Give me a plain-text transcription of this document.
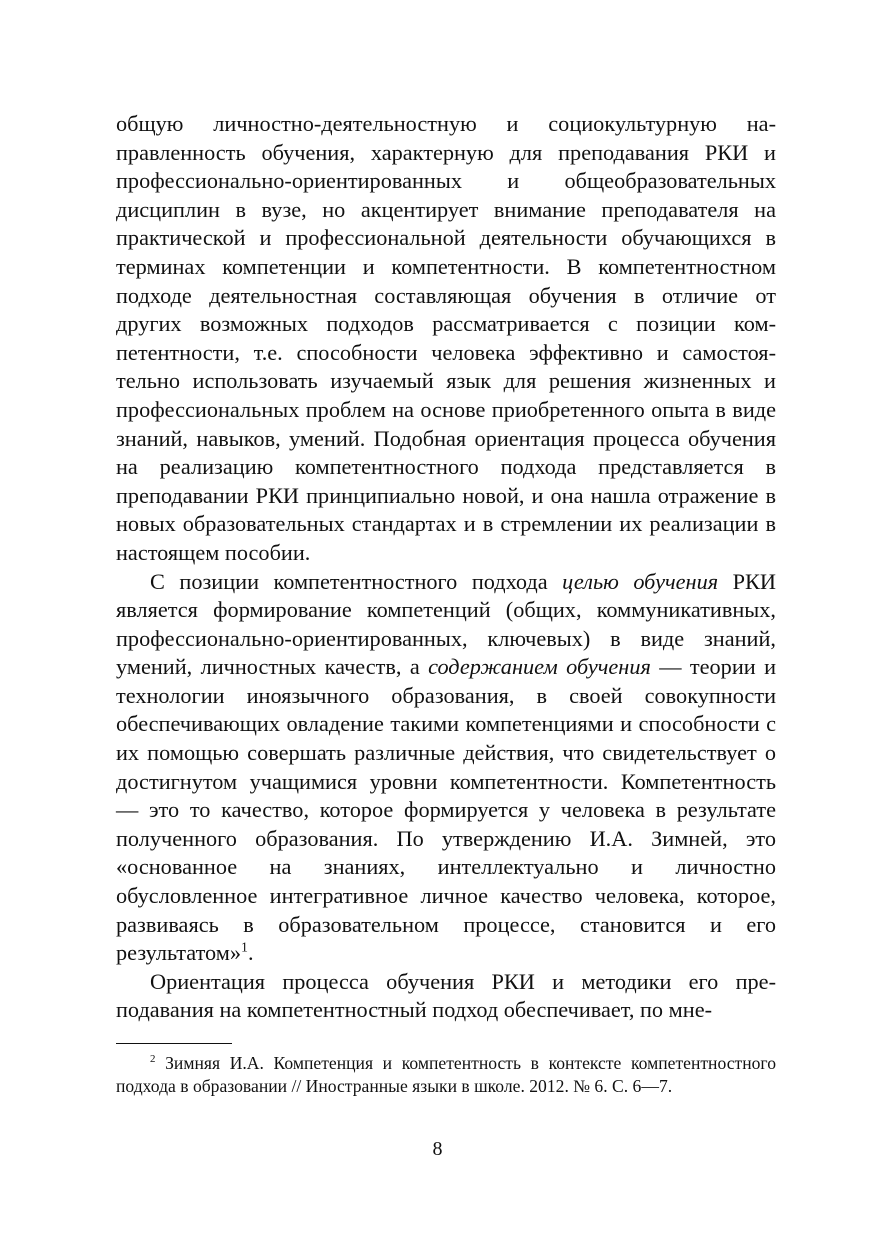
общую личностно-деятельностную и социокультурную направленность обучения, характерную для преподавания РКИ и профессионально-ориентированных и общеобразовательных дисциплин в вузе, но акцентирует внимание преподавателя на практической и профессиональной деятельности обучающихся в терминах компетенции и компетентности. В компетентностном подходе деятельностная составляющая обучения в отличие от других возможных подходов рассматривается с позиции компетентности, т.е. способности человека эффективно и самостоятельно использовать изучаемый язык для решения жизненных и профессиональных проблем на основе приобретенного опыта в виде знаний, навыков, умений. Подобная ориентация процесса обучения на реализацию компетентностного подхода представляется в преподавании РКИ принципиально новой, и она нашла отражение в новых образовательных стандартах и в стремлении их реализации в настоящем пособии.

С позиции компетентностного подхода целью обучения РКИ является формирование компетенций (общих, коммуникативных, профессионально-ориентированных, ключевых) в виде знаний, умений, личностных качеств, а содержанием обучения — теории и технологии иноязычного образования, в своей совокупности обеспечивающих овладение такими компетенциями и способности с их помощью совершать различные действия, что свидетельствует о достигнутом учащимися уровни компетентности. Компетентность — это то качество, которое формируется у человека в результате полученного образования. По утверждению И.А. Зимней, это «основанное на знаниях, интеллектуально и личностно обусловленное интегративное личное качество человека, которое, развиваясь в образовательном процессе, становится и его результатом»$^1$.

Ориентация процесса обучения РКИ и методики его преподавания на компетентностный подход обеспечивает, по мне-

$^2$ Зимняя И.А. Компетенция и компетентность в контексте компетентностного подхода в образовании // Иностранные языки в школе. 2012. № 6. С. 6—7.

8
